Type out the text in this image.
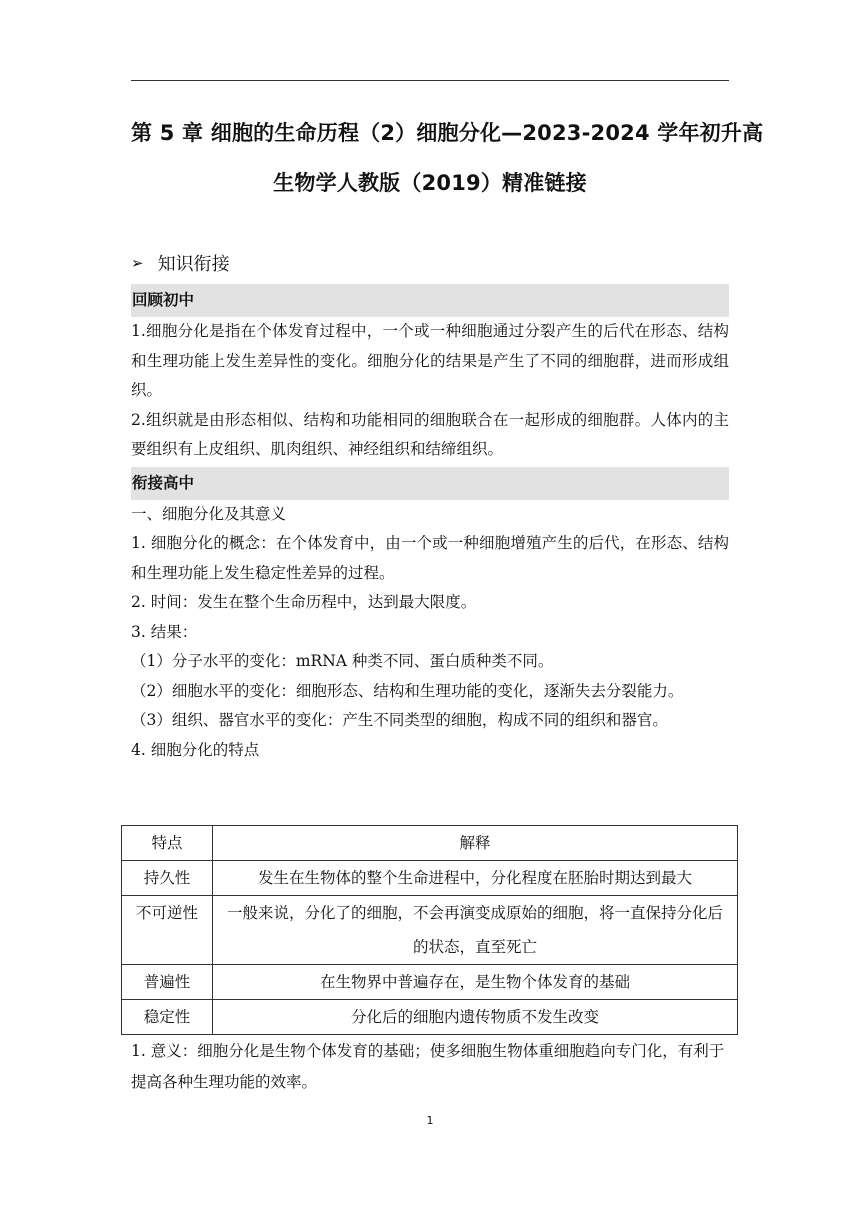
第 5 章 细胞的生命历程（2）细胞分化—2023-2024 学年初升高
生物学人教版（2019）精准链接
➢ 知识衔接
回顾初中
1.细胞分化是指在个体发育过程中，一个或一种细胞通过分裂产生的后代在形态、结构和生理功能上发生差异性的变化。细胞分化的结果是产生了不同的细胞群，进而形成组织。
2.组织就是由形态相似、结构和功能相同的细胞联合在一起形成的细胞群。人体内的主要组织有上皮组织、肌肉组织、神经组织和结缔组织。
衔接高中
一、细胞分化及其意义
1. 细胞分化的概念：在个体发育中，由一个或一种细胞增殖产生的后代，在形态、结构和生理功能上发生稳定性差异的过程。
2. 时间：发生在整个生命历程中，达到最大限度。
3. 结果：
（1）分子水平的变化：mRNA 种类不同、蛋白质种类不同。
（2）细胞水平的变化：细胞形态、结构和生理功能的变化，逐渐失去分裂能力。
（3）组织、器官水平的变化：产生不同类型的细胞，构成不同的组织和器官。
4. 细胞分化的特点
特点	解释
持久性	发生在生物体的整个生命进程中，分化程度在胚胎时期达到最大
不可逆性	一般来说，分化了的细胞，不会再演变成原始的细胞，将一直保持分化后的状态，直至死亡
普遍性	在生物界中普遍存在，是生物个体发育的基础
稳定性	分化后的细胞内遗传物质不发生改变
1. 意义：细胞分化是生物个体发育的基础；使多细胞生物体重细胞趋向专门化，有利于提高各种生理功能的效率。
1
